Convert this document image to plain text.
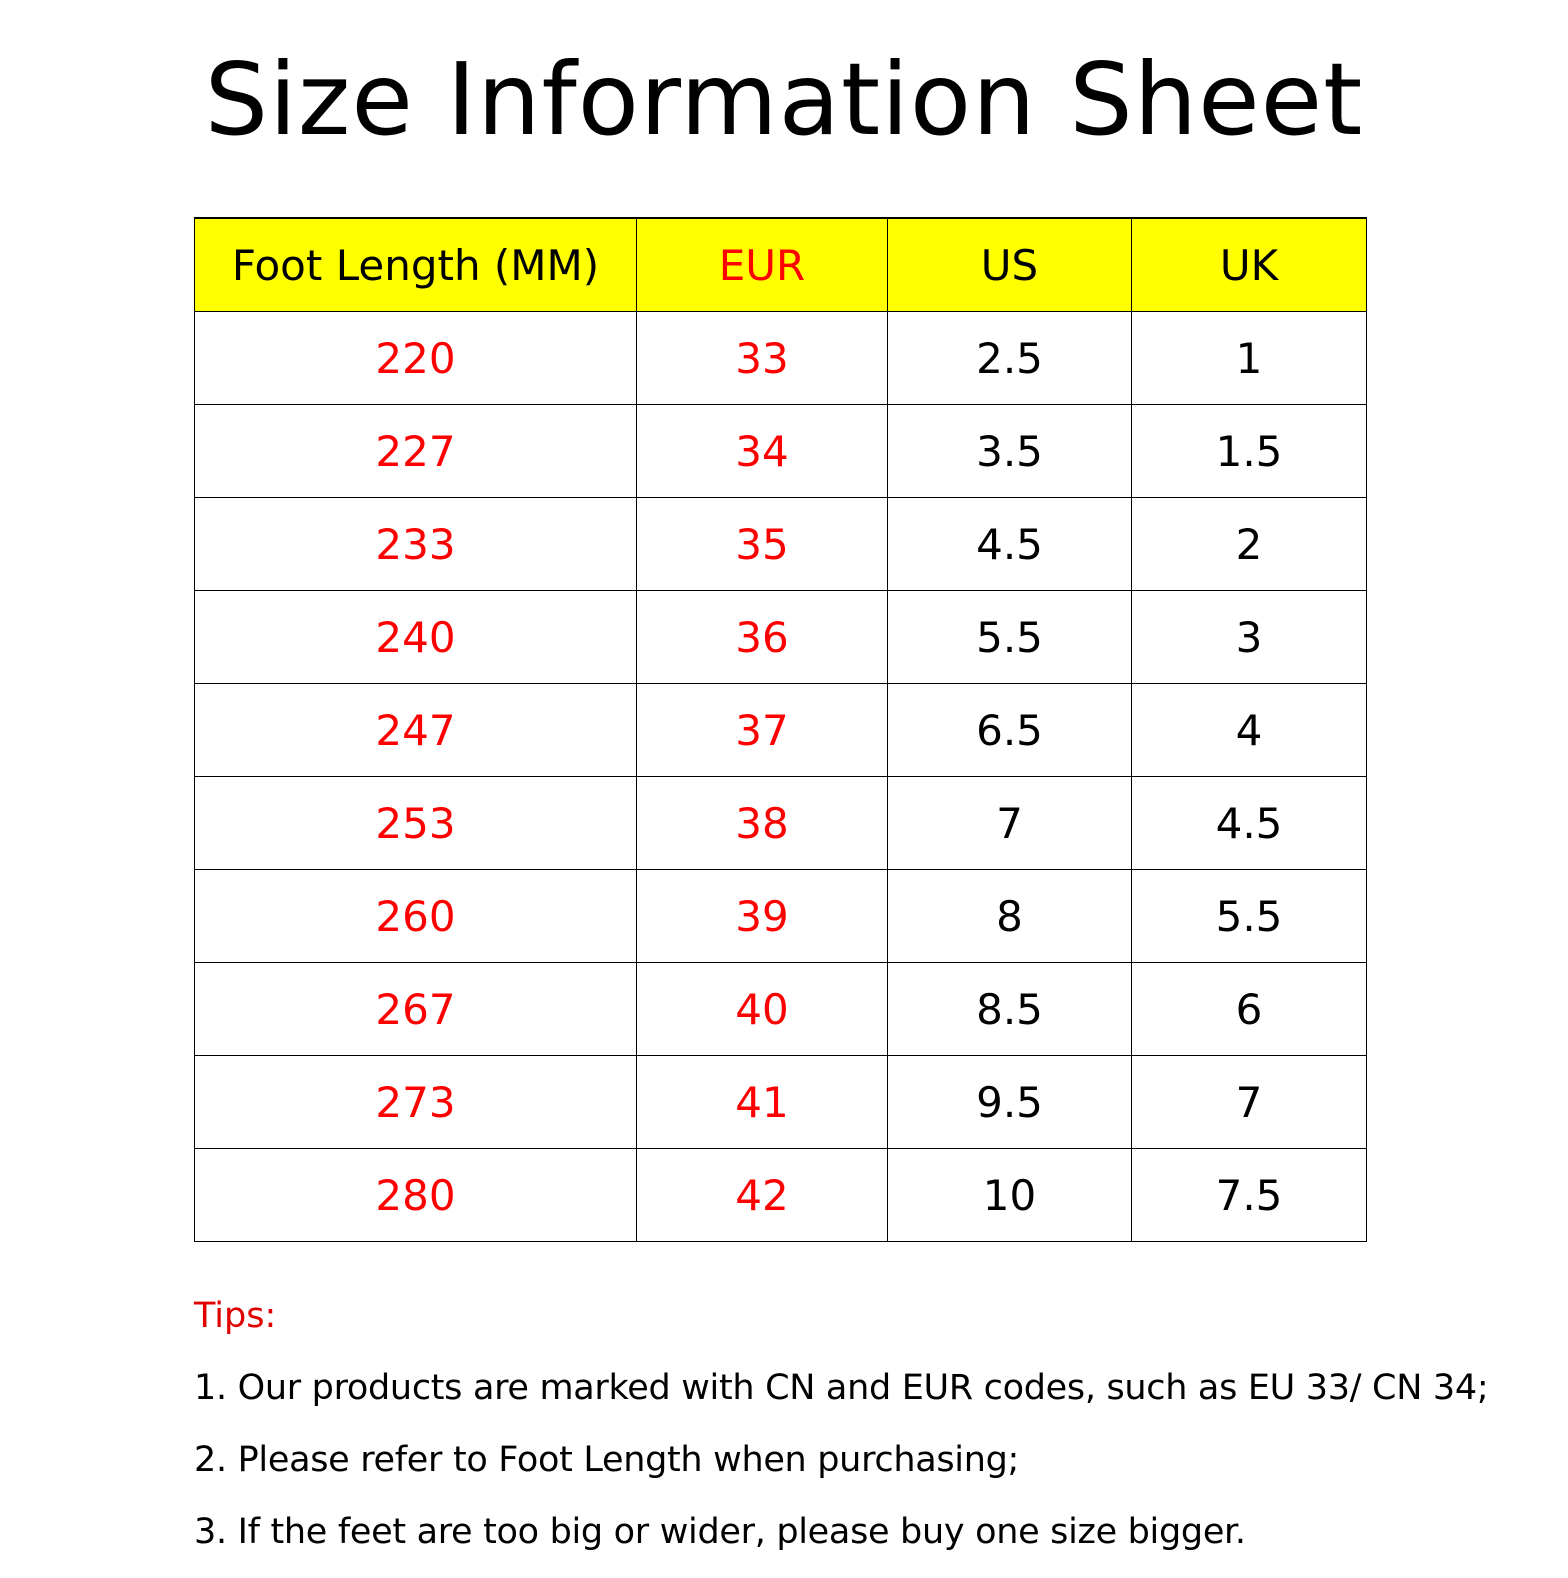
Size Information Sheet
Foot Length (MM)	EUR	US	UK
220	33	2.5	1
227	34	3.5	1.5
233	35	4.5	2
240	36	5.5	3
247	37	6.5	4
253	38	7	4.5
260	39	8	5.5
267	40	8.5	6
273	41	9.5	7
280	42	10	7.5
Tips:
1. Our products are marked with CN and EUR codes, such as EU 33/ CN 34;
2. Please refer to Foot Length when purchasing;
3. If the feet are too big or wider, please buy one size bigger.
